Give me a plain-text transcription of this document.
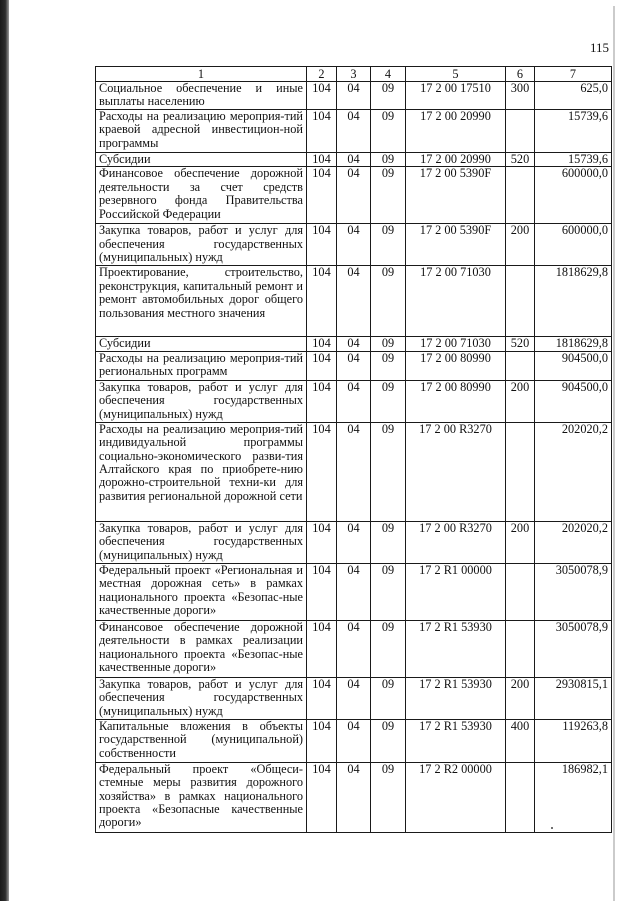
115
1	2	3	4	5	6	7
Социальное обеспечение и иные выплаты населению	104	04	09	17 2 00 17510	300	625,0
Расходы на реализацию мероприя-тий краевой адресной инвестицион-ной программы	104	04	09	17 2 00 20990		15739,6
Субсидии	104	04	09	17 2 00 20990	520	15739,6
Финансовое обеспечение дорожной деятельности за счет средств резервного фонда Правительства Российской Федерации	104	04	09	17 2 00 5390F		600000,0
Закупка товаров, работ и услуг для обеспечения государственных (муниципальных) нужд	104	04	09	17 2 00 5390F	200	600000,0
Проектирование, строительство, реконструкция, капитальный ремонт и ремонт автомобильных дорог общего пользования местного значения	104	04	09	17 2 00 71030		1818629,8
Субсидии	104	04	09	17 2 00 71030	520	1818629,8
Расходы на реализацию мероприя-тий региональных программ	104	04	09	17 2 00 80990		904500,0
Закупка товаров, работ и услуг для обеспечения государственных (муниципальных) нужд	104	04	09	17 2 00 80990	200	904500,0
Расходы на реализацию мероприя-тий индивидуальной программы социально-экономического разви-тия Алтайского края по приобрете-нию дорожно-строительной техни-ки для развития региональной дорожной сети	104	04	09	17 2 00 R3270		202020,2
Закупка товаров, работ и услуг для обеспечения государственных (муниципальных) нужд	104	04	09	17 2 00 R3270	200	202020,2
Федеральный проект «Региональная и местная дорожная сеть» в рамках национального проекта «Безопас-ные качественные дороги»	104	04	09	17 2 R1 00000		3050078,9
Финансовое обеспечение дорожной деятельности в рамках реализации национального проекта «Безопас-ные качественные дороги»	104	04	09	17 2 R1 53930		3050078,9
Закупка товаров, работ и услуг для обеспечения государственных (муниципальных) нужд	104	04	09	17 2 R1 53930	200	2930815,1
Капитальные вложения в объекты государственной (муниципальной) собственности	104	04	09	17 2 R1 53930	400	119263,8
Федеральный проект «Общеси-стемные меры развития дорожного хозяйства» в рамках национального проекта «Безопасные качественные дороги»	104	04	09	17 2 R2 00000		186982,1
